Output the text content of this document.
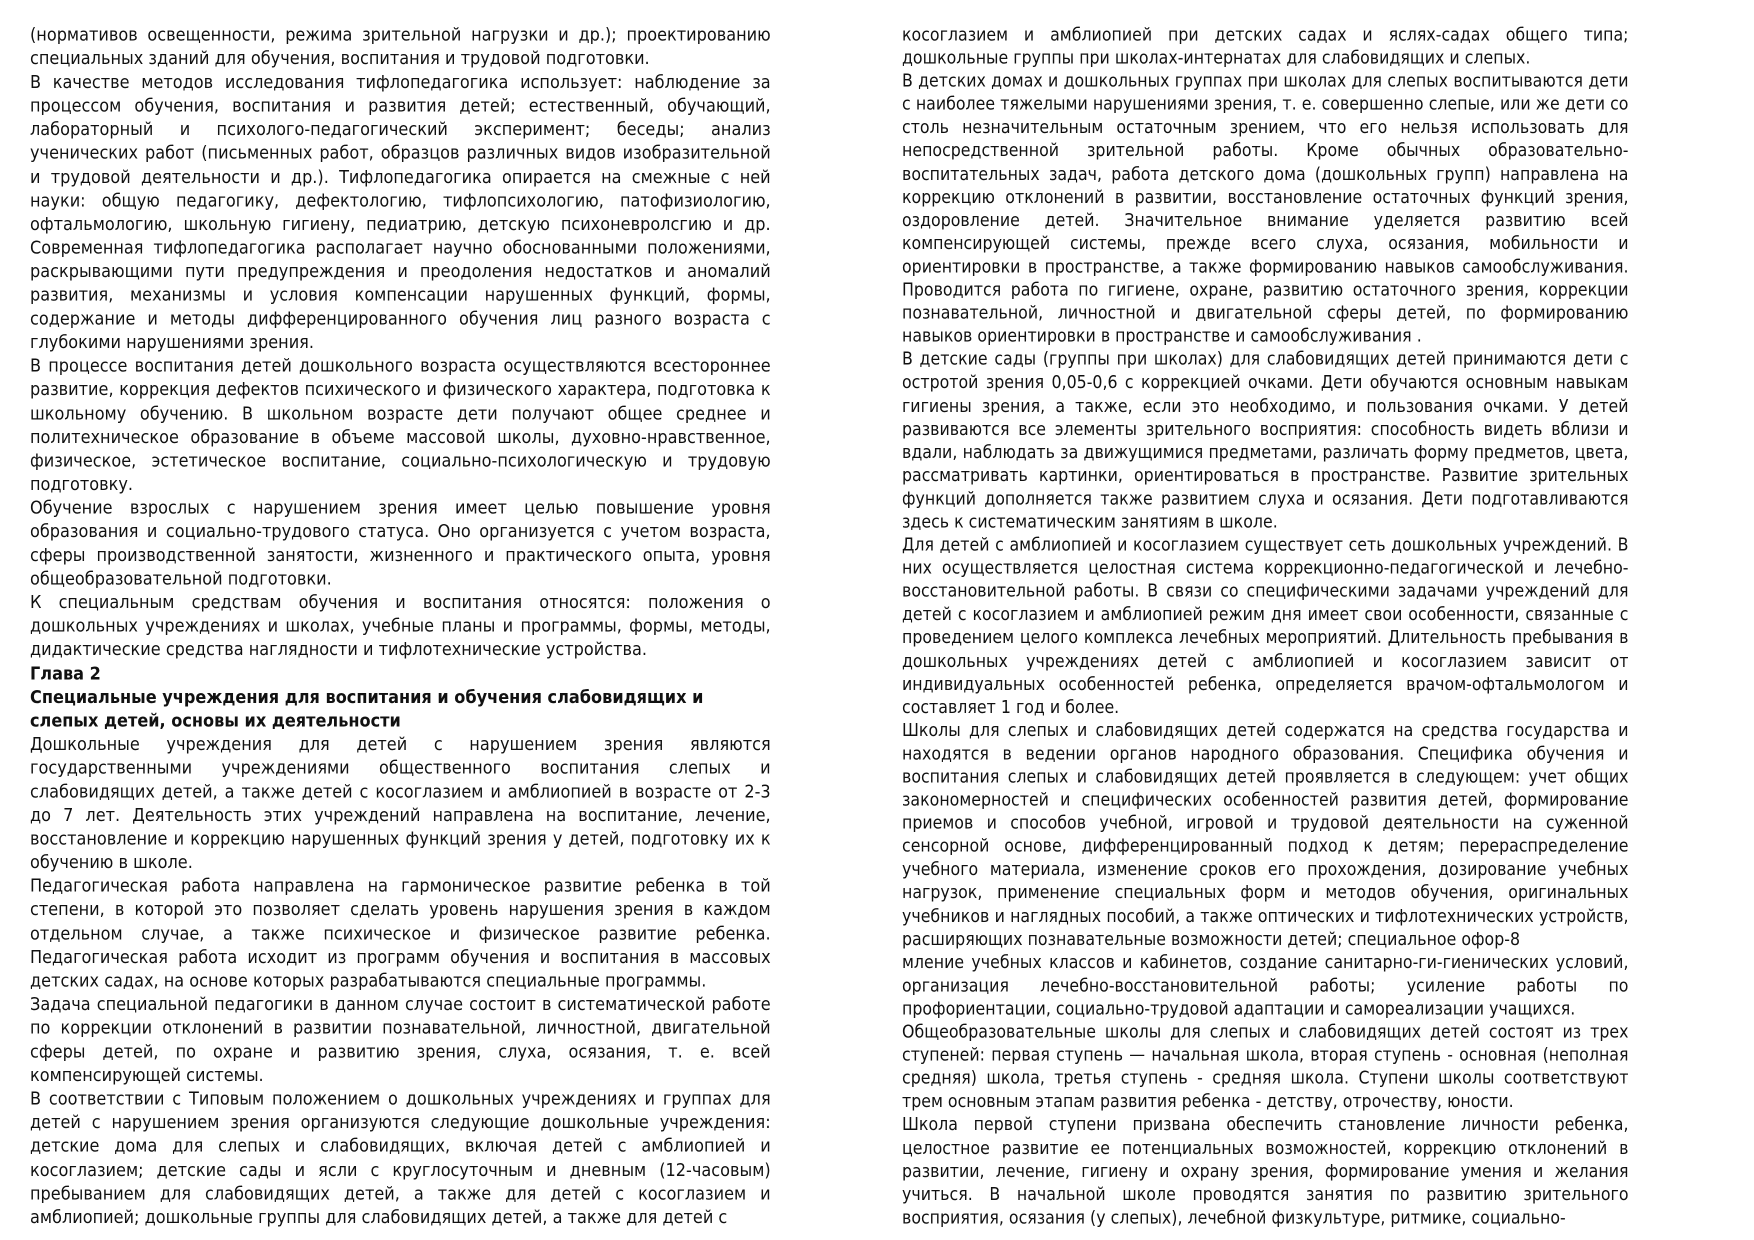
(нормативов освещенности, режима зрительной нагрузки и др.); проектированию специальных зданий для обучения, воспитания и трудовой подготовки.

В качестве методов исследования тифлопедагогика использует: наблюдение за процессом обучения, воспитания и развития детей; естественный, обучающий, лабораторный и психолого-педагогический эксперимент; беседы; анализ ученических работ (письменных работ, образцов различных видов изобразительной и трудовой деятельности и др.). Тифлопедагогика опирается на смежные с ней науки: общую педагогику, дефектологию, тифлопсихологию, патофизиологию, офтальмологию, школьную гигиену, педиатрию, детскую психоневролсгию и др. Современная тифлопедагогика располагает научно обоснованными положениями, раскрывающими пути предупреждения и преодоления недостатков и аномалий развития, механизмы и условия компенсации нарушенных функций, формы, содержание и методы дифференцированного обучения лиц разного возраста с глубокими нарушениями зрения.

В процессе воспитания детей дошкольного возраста осуществляются всестороннее развитие, коррекция дефектов психического и физического характера, подготовка к школьному обучению. В школьном возрасте дети получают общее среднее и политехническое образование в объеме массовой школы, духовно-нравственное, физическое, эстетическое воспитание, социально-психологическую и трудовую подготовку.

Обучение взрослых с нарушением зрения имеет целью повышение уровня образования и социально-трудового статуса. Оно организуется с учетом возраста, сферы производственной занятости, жизненного и практического опыта, уровня общеобразовательной подготовки.

К специальным средствам обучения и воспитания относятся: положения о дошкольных учреждениях и школах, учебные планы и программы, формы, методы, дидактические средства наглядности и тифлотехнические устройства.

Глава 2

Специальные учреждения для воспитания и обучения слабовидящих и слепых детей, основы их деятельности

Дошкольные учреждения для детей с нарушением зрения являются государственными учреждениями общественного воспитания слепых и слабовидящих детей, а также детей с косоглазием и амблиопией в возрасте от 2-3 до 7 лет. Деятельность этих учреждений направлена на воспитание, лечение, восстановление и коррекцию нарушенных функций зрения у детей, подготовку их к обучению в школе.

Педагогическая работа направлена на гармоническое развитие ребенка в той степени, в которой это позволяет сделать уровень нарушения зрения в каждом отдельном случае, а также психическое и физическое развитие ребенка. Педагогическая работа исходит из программ обучения и воспитания в массовых детских садах, на основе которых разрабатываются специальные программы.

Задача специальной педагогики в данном случае состоит в систематической работе по коррекции отклонений в развитии познавательной, личностной, двигательной сферы детей, по охране и развитию зрения, слуха, осязания, т. е. всей компенсирующей системы.

В соответствии с Типовым положением о дошкольных учреждениях и группах для детей с нарушением зрения организуются следующие дошкольные учреждения: детские дома для слепых и слабовидящих, включая детей с амблиопией и косоглазием; детские сады и ясли с круглосуточным и дневным (12-часовым) пребыванием для слабовидящих детей, а также для детей с косоглазием и амблиопией; дошкольные группы для слабовидящих детей, а также для детей с

косоглазием и амблиопией при детских садах и яслях-садах общего типа; дошкольные группы при школах-интернатах для слабовидящих и слепых.

В детских домах и дошкольных группах при школах для слепых воспитываются дети с наиболее тяжелыми нарушениями зрения, т. е. совершенно слепые, или же дети со столь незначительным остаточным зрением, что его нельзя использовать для непосредственной зрительной работы. Кроме обычных образовательно-воспитательных задач, работа детского дома (дошкольных групп) направлена на коррекцию отклонений в развитии, восстановление остаточных функций зрения, оздоровление детей. Значительное внимание уделяется развитию всей компенсирующей системы, прежде всего слуха, осязания, мобильности и ориентировки в пространстве, а также формированию навыков самообслуживания. Проводится работа по гигиене, охране, развитию остаточного зрения, коррекции познавательной, личностной и двигательной сферы детей, по формированию навыков ориентировки в пространстве и самообслуживания .

В детские сады (группы при школах) для слабовидящих детей принимаются дети с остротой зрения 0,05-0,6 с коррекцией очками. Дети обучаются основным навыкам гигиены зрения, а также, если это необходимо, и пользования очками. У детей развиваются все элементы зрительного восприятия: способность видеть вблизи и вдали, наблюдать за движущимися предметами, различать форму предметов, цвета, рассматривать картинки, ориентироваться в пространстве. Развитие зрительных функций дополняется также развитием слуха и осязания. Дети подготавливаются здесь к систематическим занятиям в школе.

Для детей с амблиопией и косоглазием существует сеть дошкольных учреждений. В них осуществляется целостная система коррекционно-педагогической и лечебно-восстановительной работы. В связи со специфическими задачами учреждений для детей с косоглазием и амблиопией режим дня имеет свои особенности, связанные с проведением целого комплекса лечебных мероприятий. Длительность пребывания в дошкольных учреждениях детей с амблиопией и косоглазием зависит от индивидуальных особенностей ребенка, определяется врачом-офтальмологом и составляет 1 год и более.

Школы для слепых и слабовидящих детей содержатся на средства государства и находятся в ведении органов народного образования. Специфика обучения и воспитания слепых и слабовидящих детей проявляется в следующем: учет общих закономерностей и специфических особенностей развития детей, формирование приемов и способов учебной, игровой и трудовой деятельности на суженной сенсорной основе, дифференцированный подход к детям; перераспределение учебного материала, изменение сроков его прохождения, дозирование учебных нагрузок, применение специальных форм и методов обучения, оригинальных учебников и наглядных пособий, а также оптических и тифлотехнических устройств, расширяющих познавательные возможности детей; специальное офор-8

мление учебных классов и кабинетов, создание санитарно-ги-гиенических условий, организация лечебно-восстановительной работы; усиление работы по профориентации, социально-трудовой адаптации и самореализации учащихся.

Общеобразовательные школы для слепых и слабовидящих детей состоят из трех ступеней: первая ступень — начальная школа, вторая ступень - основная (неполная средняя) школа, третья ступень - средняя школа. Ступени школы соответствуют трем основным этапам развития ребенка - детству, отрочеству, юности.

Школа первой ступени призвана обеспечить становление личности ребенка, целостное развитие ее потенциальных возможностей, коррекцию отклонений в развитии, лечение, гигиену и охрану зрения, формирование умения и желания учиться. В начальной школе проводятся занятия по развитию зрительного восприятия, осязания (у слепых), лечебной физкультуре, ритмике, социально-
